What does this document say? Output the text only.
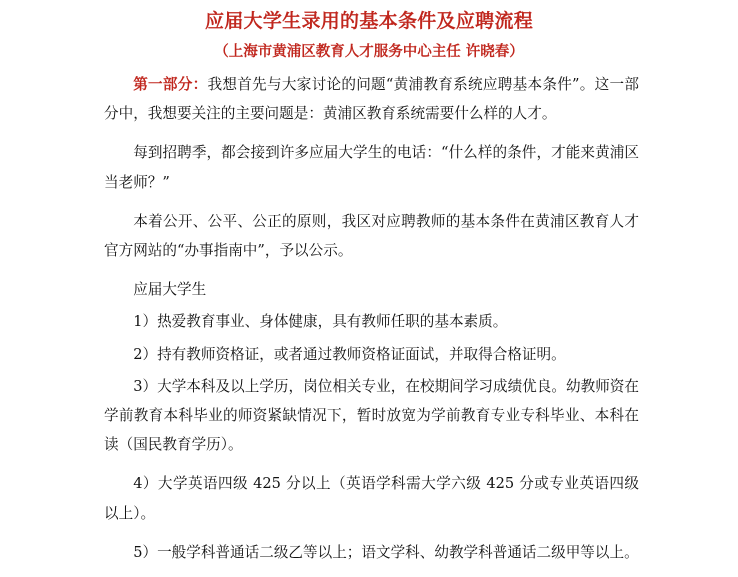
应届大学生录用的基本条件及应聘流程
（上海市黄浦区教育人才服务中心主任 许晓春）

第一部分：我想首先与大家讨论的问题“黄浦教育系统应聘基本条件”。这一部分中，我想要关注的主要问题是：黄浦区教育系统需要什么样的人才。

每到招聘季，都会接到许多应届大学生的电话：“什么样的条件，才能来黄浦区当老师？”

本着公开、公平、公正的原则，我区对应聘教师的基本条件在黄浦区教育人才官方网站的“办事指南中”，予以公示。

应届大学生

1）热爱教育事业、身体健康，具有教师任职的基本素质。

2）持有教师资格证，或者通过教师资格证面试，并取得合格证明。

3）大学本科及以上学历，岗位相关专业，在校期间学习成绩优良。幼教师资在学前教育本科毕业的师资紧缺情况下，暂时放宽为学前教育专业专科毕业、本科在读（国民教育学历）。

4）大学英语四级 425 分以上（英语学科需大学六级 425 分或专业英语四级以上）。

5）一般学科普通话二级乙等以上；语文学科、幼教学科普通话二级甲等以上。
